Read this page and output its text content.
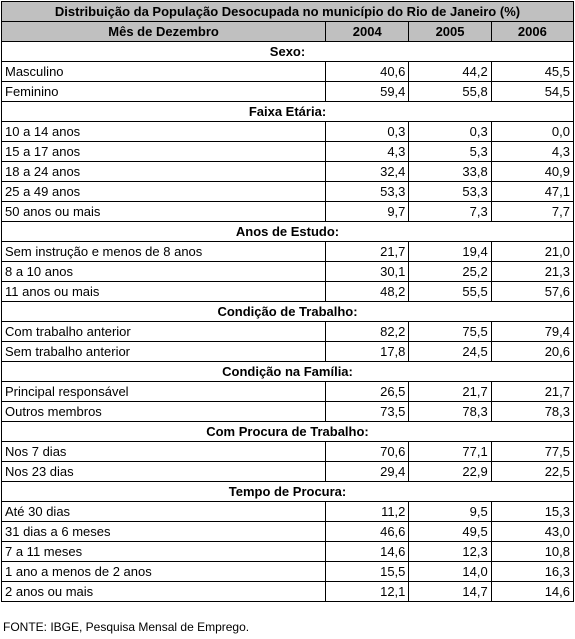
Distribuição da População Desocupada no município do Rio de Janeiro (%)			
Mês de Dezembro	2004	2005	2006
Sexo:			
Masculino	40,6	44,2	45,5
Feminino	59,4	55,8	54,5
Faixa Etária:			
10 a 14 anos	0,3	0,3	0,0
15 a 17 anos	4,3	5,3	4,3
18 a 24 anos	32,4	33,8	40,9
25 a 49 anos	53,3	53,3	47,1
50 anos ou mais	9,7	7,3	7,7
Anos de Estudo:			
Sem instrução e menos de 8 anos	21,7	19,4	21,0
8 a 10 anos	30,1	25,2	21,3
11 anos ou mais	48,2	55,5	57,6
Condição de Trabalho:			
Com trabalho anterior	82,2	75,5	79,4
Sem trabalho anterior	17,8	24,5	20,6
Condição na Família:			
Principal responsável	26,5	21,7	21,7
Outros membros	73,5	78,3	78,3
Com Procura de Trabalho:			
Nos 7 dias	70,6	77,1	77,5
Nos 23 dias	29,4	22,9	22,5
Tempo de Procura:			
Até 30 dias	11,2	9,5	15,3
31 dias a 6 meses	46,6	49,5	43,0
7 a 11 meses	14,6	12,3	10,8
1 ano a menos de 2 anos	15,5	14,0	16,3
2 anos ou mais	12,1	14,7	14,6
FONTE: IBGE, Pesquisa Mensal de Emprego.
